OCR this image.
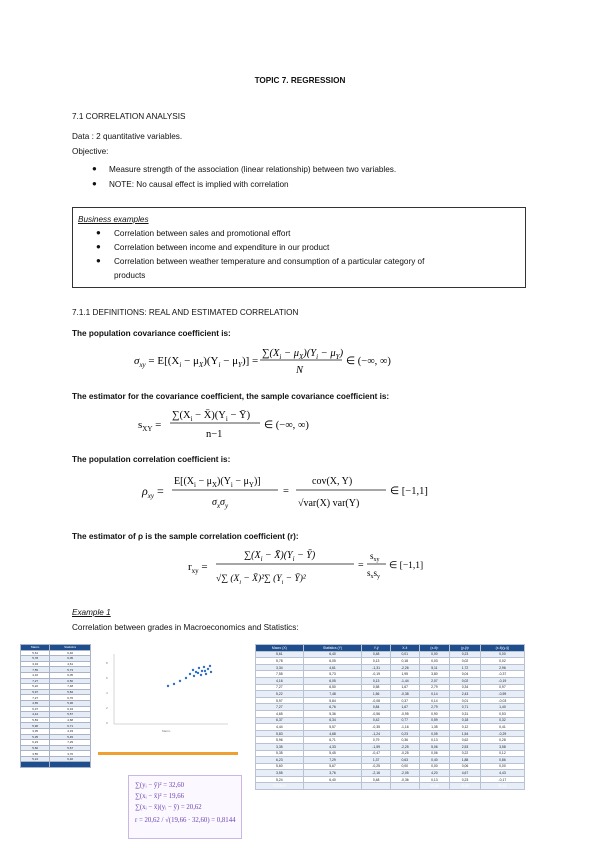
TOPIC 7. REGRESSION
7.1 CORRELATION ANALYSIS
Data : 2 quantitative variables.
Objective:
● Measure strength of the association (linear relationship) between two variables.
● NOTE: No causal effect is implied with correlation
Business examples
● Correlation between sales and promotional effort
● Correlation between income and expenditure in our product
● Correlation between weather temperature and consumption of a particular category of
products
7.1.1 DEFINITIONS: REAL AND ESTIMATED CORRELATION
The population covariance coefficient is:
$\sigma_{xy} = E[(X_i - \mu_X)(Y_i - \mu_Y)]$ =
$\sum(X_i - \mu_X)(Y_i - \mu_Y)$
N
∈ (−∞, ∞)
The estimator for the covariance coefficient, the sample covariance coefficient is:
$s_{XY}$ =
$\sum(X_i$ − $X̄)(Y_i$ − Ȳ)
n−1
∈ (−∞, ∞)
The population correlation coefficient is:
$\rho_{xy}$ =
$E[(X_i - \mu_X)(Y_i - \mu_Y)]$
$\sigma_x\sigma_y$
=
cov(X, Y)
√var(X) var(Y)
∈ [−1,1]
The estimator of ρ is the sample correlation coefficient (r):
$r_{xy}$ =
$\sum(X_i$ − $X̄)(Y_i$ − Ȳ)
√∑ ($X_i$ − X̄)²∑ ($Y_i$ − Ȳ)²
=
$s_{xy}$
$s_xs_y$
∈ [−1,1]
Example 1
Correlation between grades in Macroeconomics and Statistics:
Macro	Statistics
5,61	6,40
5,78	6,05
3,34	4,61
7,55	5,73
4,16	6,05
7,27	6,50
5,22	7,48
5,97	5,84
7,27	6,76
4,65	5,36
6,37	6,34
4,44	5,57
5,83	4,68
5,96	6,71
3,35	4,33
5,35	5,45
6,23	7,29
5,60	5,67
3,55	3,76
5,24	6,40

8
6
4
2
0
Macro
Macro (X)	Statistics (Y)	Y-ȳ	X-x̄	(x-x̄)²	(y-ȳ)²	(x-x̄)(y-ȳ)
5,61	6,40	0,48	0,01	0,00	0,23	0,00
5,78	6,05	0,13	0,18	0,03	0,02	0,02
3,34	4,61	-1,31	-2,26	5,11	1,72	2,96
7,55	5,73	-0,19	1,95	3,80	0,04	-0,37
4,16	6,05	0,13	-1,44	2,07	0,02	-0,19
7,27	6,50	0,58	1,67	2,79	0,34	0,97
5,22	7,48	1,56	-0,38	0,14	2,43	-0,59
5,97	5,84	-0,08	0,37	0,14	0,01	-0,03
7,27	6,76	0,84	1,67	2,79	0,71	1,40
4,65	5,36	-0,56	-0,95	0,90	0,31	0,53
6,37	6,34	0,42	0,77	0,59	0,18	0,32
4,44	5,57	-0,35	-1,16	1,35	0,12	0,41
5,83	4,68	-1,24	0,23	0,05	1,54	-0,29
5,96	6,71	0,79	0,36	0,13	0,62	0,28
3,35	4,33	-1,59	-2,25	5,06	2,53	3,58
5,35	5,45	-0,47	-0,25	0,06	0,22	0,12
6,23	7,29	1,37	0,63	0,40	1,88	0,86
5,60	5,67	-0,25	0,00	0,00	0,06	0,00
3,55	3,76	-2,16	-2,05	4,20	4,67	4,43
5,24	6,40	0,48	-0,36	0,13	0,23	-0,17
TOTALS				19,66	32,60	20,62
∑(yᵢ − ȳ)² = 32,60
∑(xᵢ − x̄)² = 19,66
∑(xᵢ − x̄)(yᵢ − ȳ) = 20,62
r = 20,62 / √(19,66 · 32,60) = 0,8144
